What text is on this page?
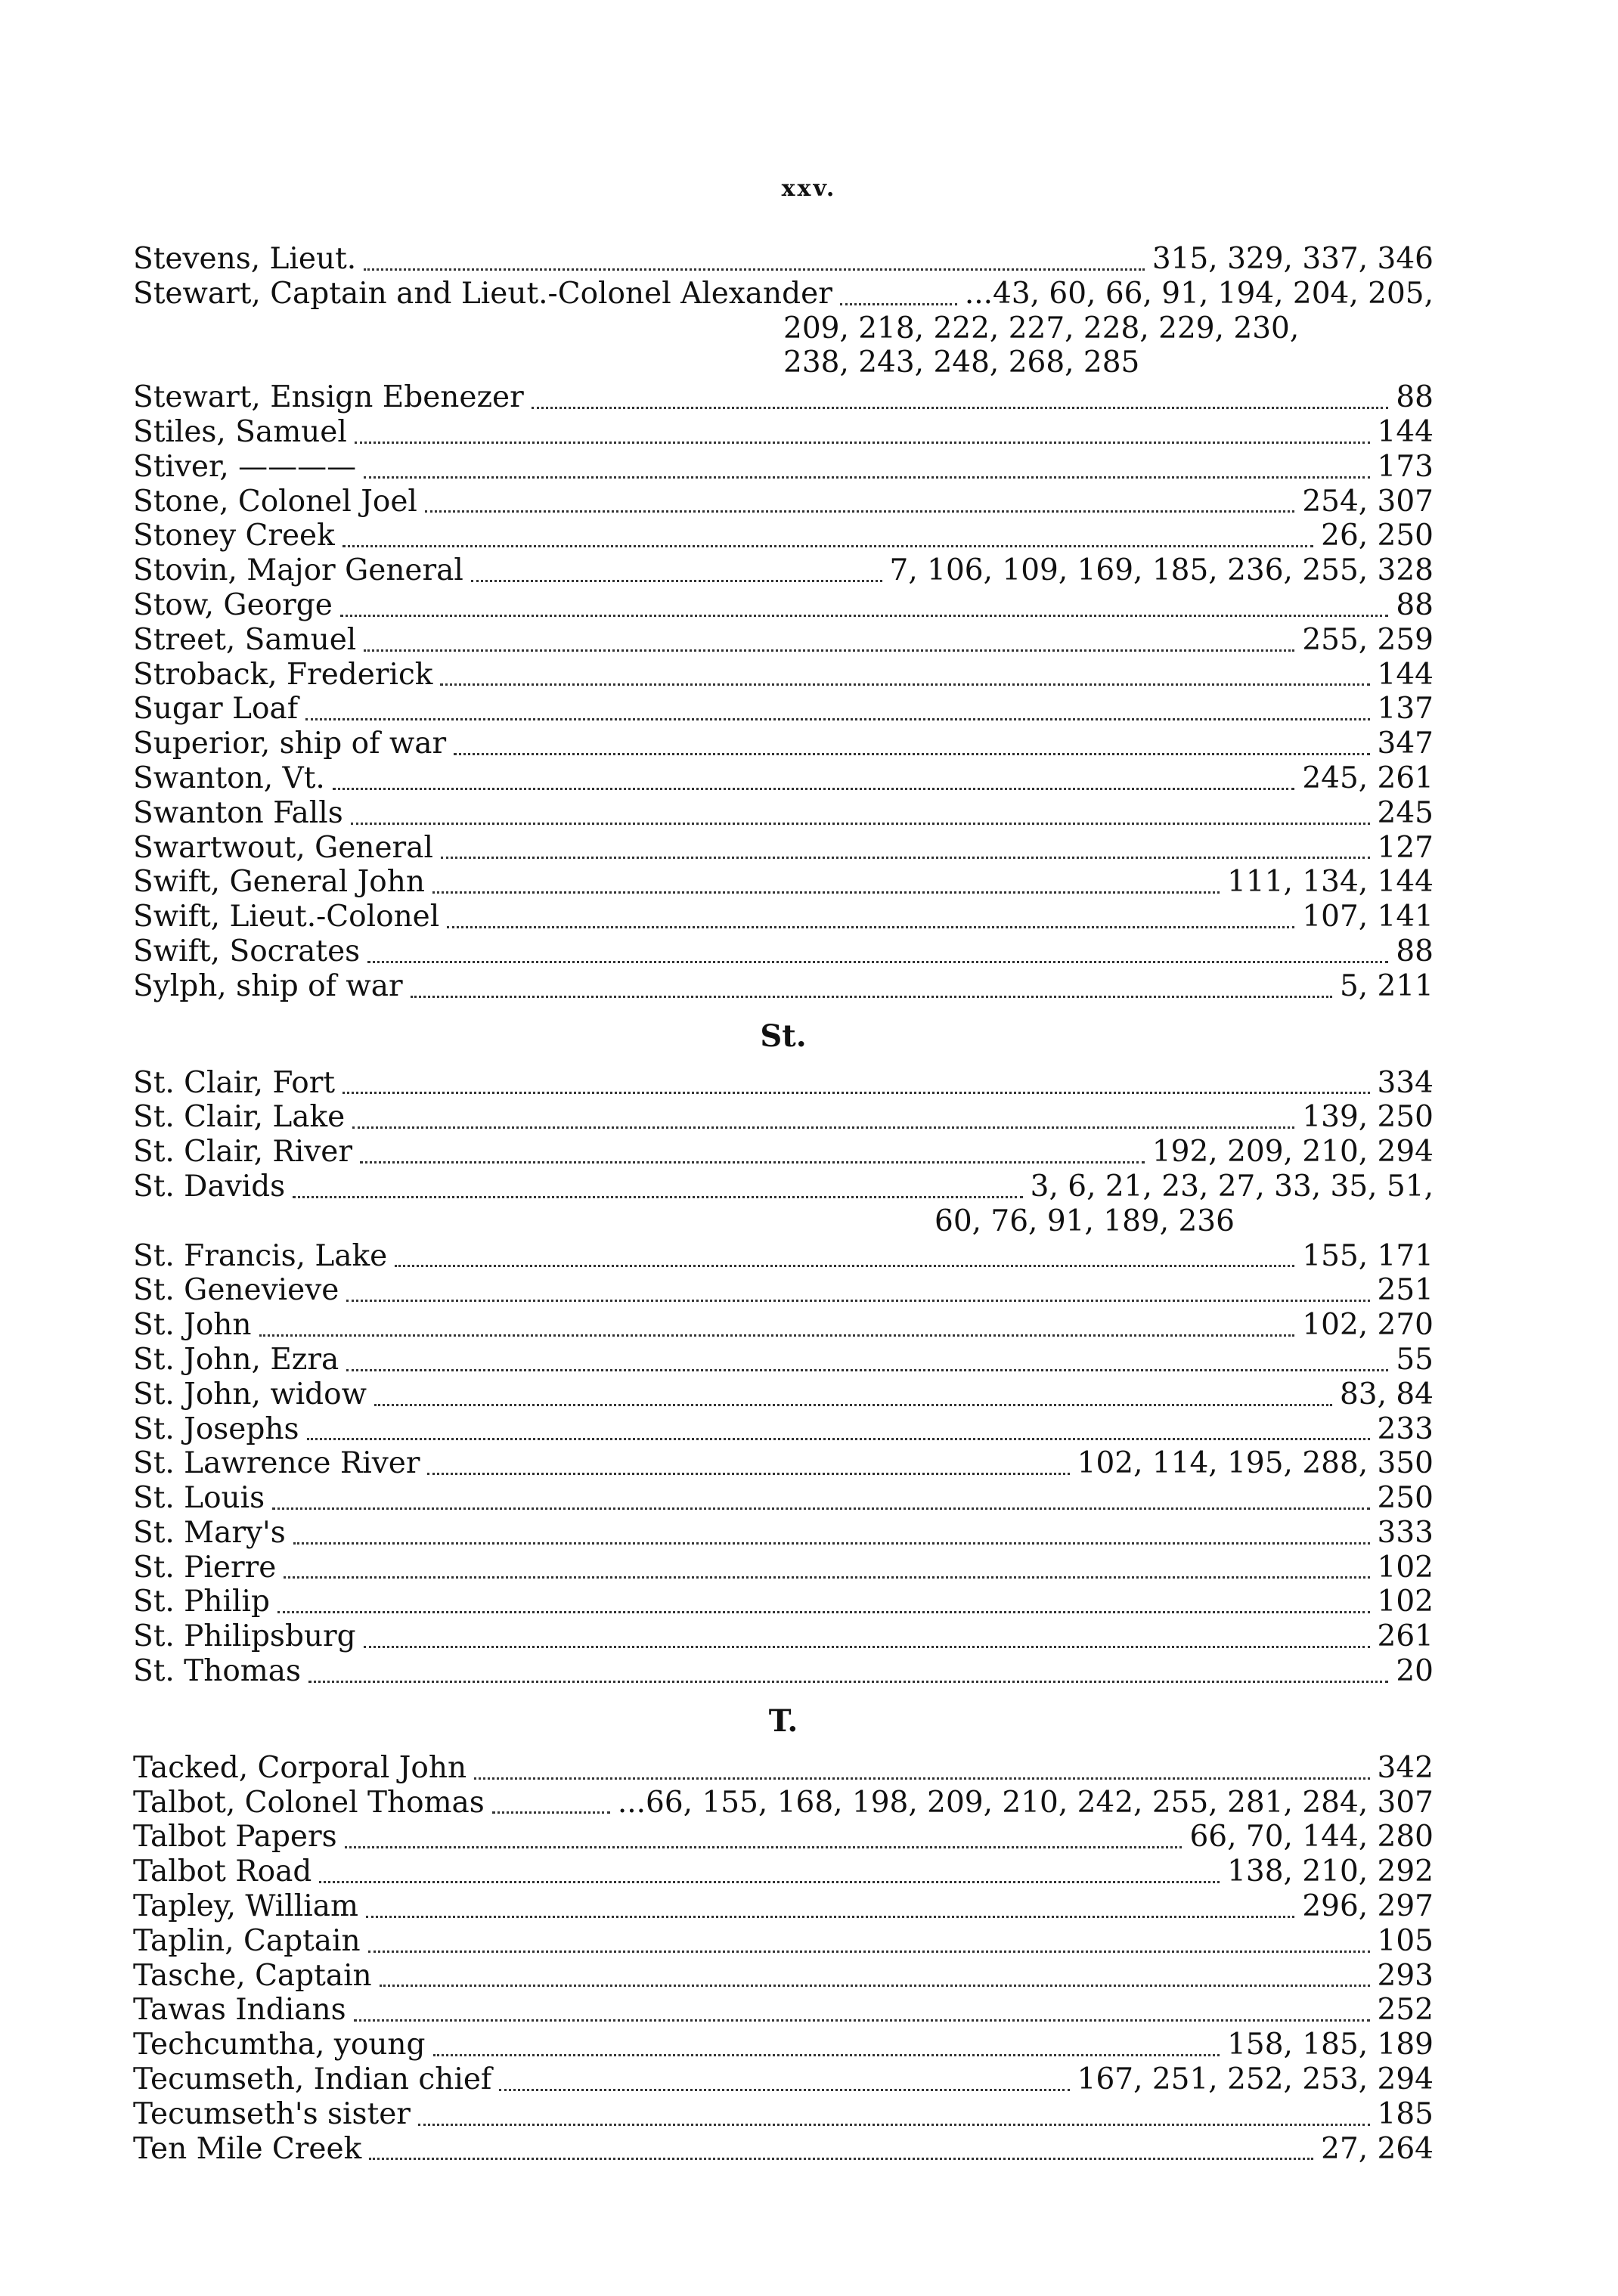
xxv.
Stevens, Lieut.	315, 329, 337, 346
Stewart, Captain and Lieut.-Colonel Alexander	...43, 60, 66, 91, 194, 204, 205,
209, 218, 222, 227, 228, 229, 230,
238, 243, 248, 268, 285
Stewart, Ensign Ebenezer	88
Stiles, Samuel	144
Stiver, ————	173
Stone, Colonel Joel	254, 307
Stoney Creek	26, 250
Stovin, Major General	7, 106, 109, 169, 185, 236, 255, 328
Stow, George	88
Street, Samuel	255, 259
Stroback, Frederick	144
Sugar Loaf	137
Superior, ship of war	347
Swanton, Vt.	245, 261
Swanton Falls	245
Swartwout, General	127
Swift, General John	111, 134, 144
Swift, Lieut.-Colonel	107, 141
Swift, Socrates	88
Sylph, ship of war	5, 211
St.
St. Clair, Fort	334
St. Clair, Lake	139, 250
St. Clair, River	192, 209, 210, 294
St. Davids	3, 6, 21, 23, 27, 33, 35, 51,
60, 76, 91, 189, 236
St. Francis, Lake	155, 171
St. Genevieve	251
St. John	102, 270
St. John, Ezra	55
St. John, widow	83, 84
St. Josephs	233
St. Lawrence River	102, 114, 195, 288, 350
St. Louis	250
St. Mary's	333
St. Pierre	102
St. Philip	102
St. Philipsburg	261
St. Thomas	20
T.
Tacked, Corporal John	342
Talbot, Colonel Thomas	...66, 155, 168, 198, 209, 210, 242, 255, 281, 284, 307
Talbot Papers	66, 70, 144, 280
Talbot Road	138, 210, 292
Tapley, William	296, 297
Taplin, Captain	105
Tasche, Captain	293
Tawas Indians	252
Techcumtha, young	158, 185, 189
Tecumseth, Indian chief	167, 251, 252, 253, 294
Tecumseth's sister	185
Ten Mile Creek	27, 264
